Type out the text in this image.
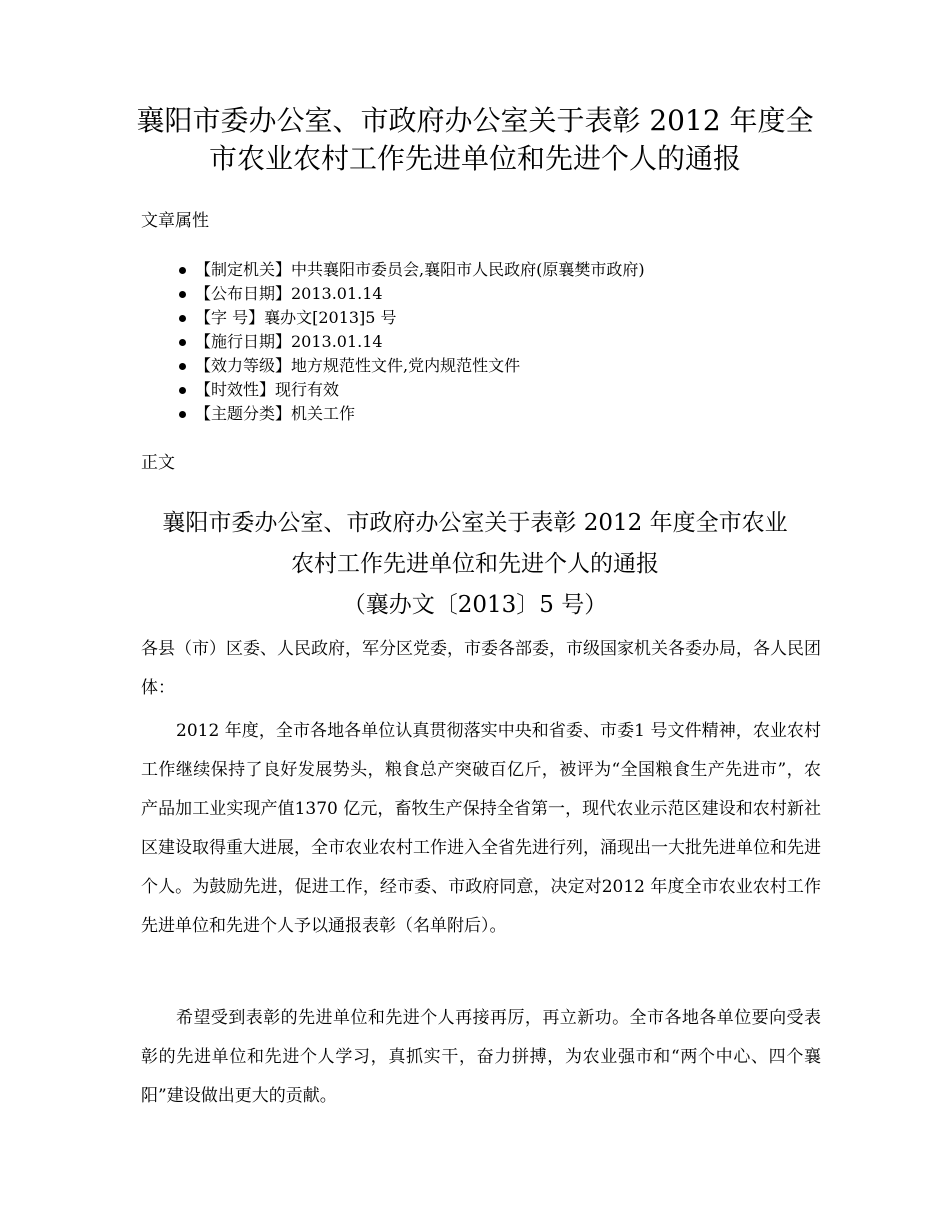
襄阳市委办公室、市政府办公室关于表彰 2012 年度全
市农业农村工作先进单位和先进个人的通报

文章属性

【制定机关】中共襄阳市委员会,襄阳市人民政府(原襄樊市政府)
【公布日期】2013.01.14
【字 号】襄办文[2013]5 号
【施行日期】2013.01.14
【效力等级】地方规范性文件,党内规范性文件
【时效性】现行有效
【主题分类】机关工作

正文

襄阳市委办公室、市政府办公室关于表彰 2012 年度全市农业
农村工作先进单位和先进个人的通报
（襄办文〔2013〕5 号）

各县（市）区委、人民政府，军分区党委，市委各部委，市级国家机关各委办局，各人民团体：

2012 年度，全市各地各单位认真贯彻落实中央和省委、市委1 号文件精神，农业农村工作继续保持了良好发展势头，粮食总产突破百亿斤，被评为“全国粮食生产先进市”，农产品加工业实现产值1370 亿元，畜牧生产保持全省第一，现代农业示范区建设和农村新社区建设取得重大进展，全市农业农村工作进入全省先进行列，涌现出一大批先进单位和先进个人。为鼓励先进，促进工作，经市委、市政府同意，决定对2012 年度全市农业农村工作先进单位和先进个人予以通报表彰（名单附后）。

希望受到表彰的先进单位和先进个人再接再厉，再立新功。全市各地各单位要向受表彰的先进单位和先进个人学习，真抓实干，奋力拼搏，为农业强市和“两个中心、四个襄阳”建设做出更大的贡献。
